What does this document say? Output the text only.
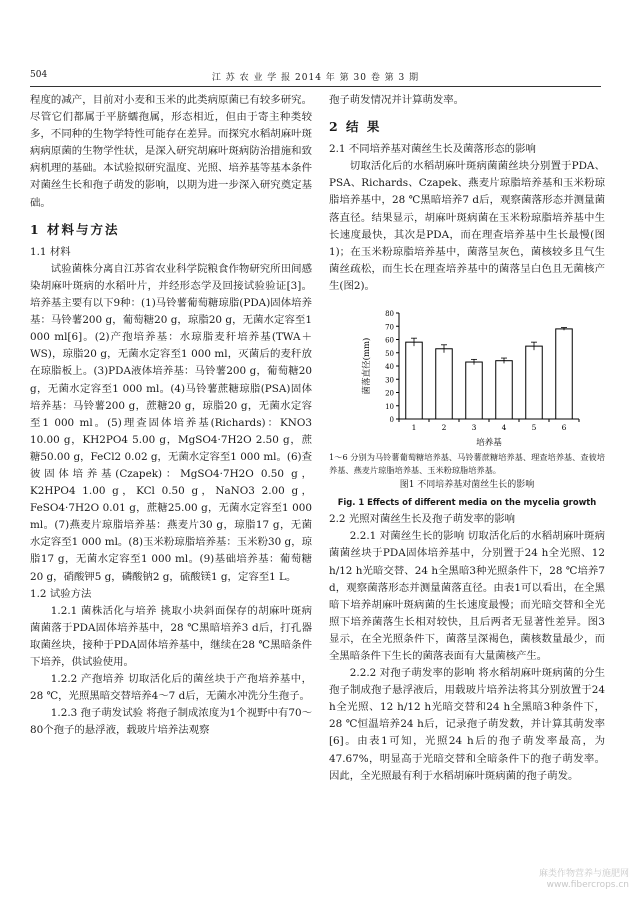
504	江 苏 农 业 学 报 2014 年 第 30 卷 第 3 期

程度的减产，目前对小麦和玉米的此类病原菌已有较多研究。尽管它们都属于平脐蠕孢属，形态相近，但由于寄主种类较多，不同种的生物学特性可能存在差异。而探究水稻胡麻叶斑病病原菌的生物学性状，是深入研究胡麻叶斑病防治措施和致病机理的基础。本试验拟研究温度、光照、培养基等基本条件对菌丝生长和孢子萌发的影响，以期为进一步深入研究奠定基础。

1 材料与方法

1.1 材料

试验菌株分离自江苏省农业科学院粮食作物研究所田间感染胡麻叶斑病的水稻叶片，并经形态学及回接试验验证[3]。培养基主要有以下9种：(1)马铃薯葡萄糖琼脂(PDA)固体培养基：马铃薯200 g，葡萄糖20 g，琼脂20 g，无菌水定容至1 000 ml[6]。(2)产孢培养基：水琼脂麦秆培养基(TWA＋WS)，琼脂20 g，无菌水定容至1 000 ml，灭菌后的麦秆放在琼脂板上。(3)PDA液体培养基：马铃薯200 g，葡萄糖20 g，无菌水定容至1 000 ml。(4)马铃薯蔗糖琼脂(PSA)固体培养基：马铃薯200 g，蔗糖20 g，琼脂20 g，无菌水定容至1 000 ml。(5)理查固体培养基(Richards)：KNO3 10.00 g，KH2PO4 5.00 g，MgSO4·7H2O 2.50 g，蔗糖50.00 g，FeCl2 0.02 g，无菌水定容至1 000 ml。(6)查彼固体培养基(Czapek)：MgSO4·7H2O 0.50 g，K2HPO4 1.00 g，KCl 0.50 g，NaNO3 2.00 g，FeSO4·7H2O 0.01 g，蔗糖25.00 g，无菌水定容至1 000 ml。(7)燕麦片琼脂培养基：燕麦片30 g，琼脂17 g，无菌水定容至1 000 ml。(8)玉米粉琼脂培养基：玉米粉30 g，琼脂17 g，无菌水定容至1 000 ml。(9)基础培养基：葡萄糖20 g，硝酸钾5 g，磷酸钠2 g，硫酸镁1 g，定容至1 L。

1.2 试验方法

1.2.1 菌株活化与培养 挑取小块斜面保存的胡麻叶斑病菌菌落于PDA固体培养基中，28 ℃黑暗培养3 d后，打孔器取菌丝块，接种于PDA固体培养基中，继续在28 ℃黑暗条件下培养，供试验使用。

1.2.2 产孢培养 切取活化后的菌丝块于产孢培养基中，28 ℃，光照黑暗交替培养4～7 d后，无菌水冲洗分生孢子。

1.2.3 孢子萌发试验 将孢子制成浓度为1个视野中有70～80个孢子的悬浮液，载玻片培养法观察

孢子萌发情况并计算萌发率。

2 结 果

2.1 不同培养基对菌丝生长及菌落形态的影响

切取活化后的水稻胡麻叶斑病菌菌丝块分别置于PDA、PSA、Richards、Czapek、燕麦片琼脂培养基和玉米粉琼脂培养基中，28 ℃黑暗培养7 d后，观察菌落形态并测量菌落直径。结果显示，胡麻叶斑病菌在玉米粉琼脂培养基中生长速度最快，其次是PDA，而在理查培养基中生长最慢(图1)；在玉米粉琼脂培养基中，菌落呈灰色，菌核较多且气生菌丝疏松，而生长在理查培养基中的菌落呈白色且无菌核产生(图2)。

0
10
20
30
40
50
60
70
80
1	2	3	4	5	6
培养基
菌落直径(mm)

1～6 分别为马铃薯葡萄糖培养基、马铃薯蔗糖培养基、理查培养基、查彼培养基、燕麦片琼脂培养基、玉米粉琼脂培养基。

图1 不同培养基对菌丝生长的影响

Fig. 1 Effects of different media on the mycelia growth

2.2 光照对菌丝生长及孢子萌发率的影响

2.2.1 对菌丝生长的影响 切取活化后的水稻胡麻叶斑病菌菌丝块于PDA固体培养基中，分别置于24 h全光照、12 h/12 h光暗交替、24 h全黑暗3种光照条件下，28 ℃培养7 d，观察菌落形态并测量菌落直径。由表1可以看出，在全黑暗下培养胡麻叶斑病菌的生长速度最慢；而光暗交替和全光照下培养菌落生长相对较快，且后两者无显著性差异。图3显示，在全光照条件下，菌落呈深褐色，菌核数量最少，而全黑暗条件下生长的菌落表面有大量菌核产生。

2.2.2 对孢子萌发率的影响 将水稻胡麻叶斑病菌的分生孢子制成孢子悬浮液后，用载玻片培养法将其分别放置于24 h全光照、12 h/12 h光暗交替和24 h全黑暗3种条件下，28 ℃恒温培养24 h后，记录孢子萌发数，并计算其萌发率[6]。由表1可知，光照24 h后的孢子萌发率最高，为47.67%，明显高于光暗交替和全暗条件下的孢子萌发率。因此，全光照最有利于水稻胡麻叶斑病菌的孢子萌发。

麻类作物营养与施肥网
www.fibercrops.cn
